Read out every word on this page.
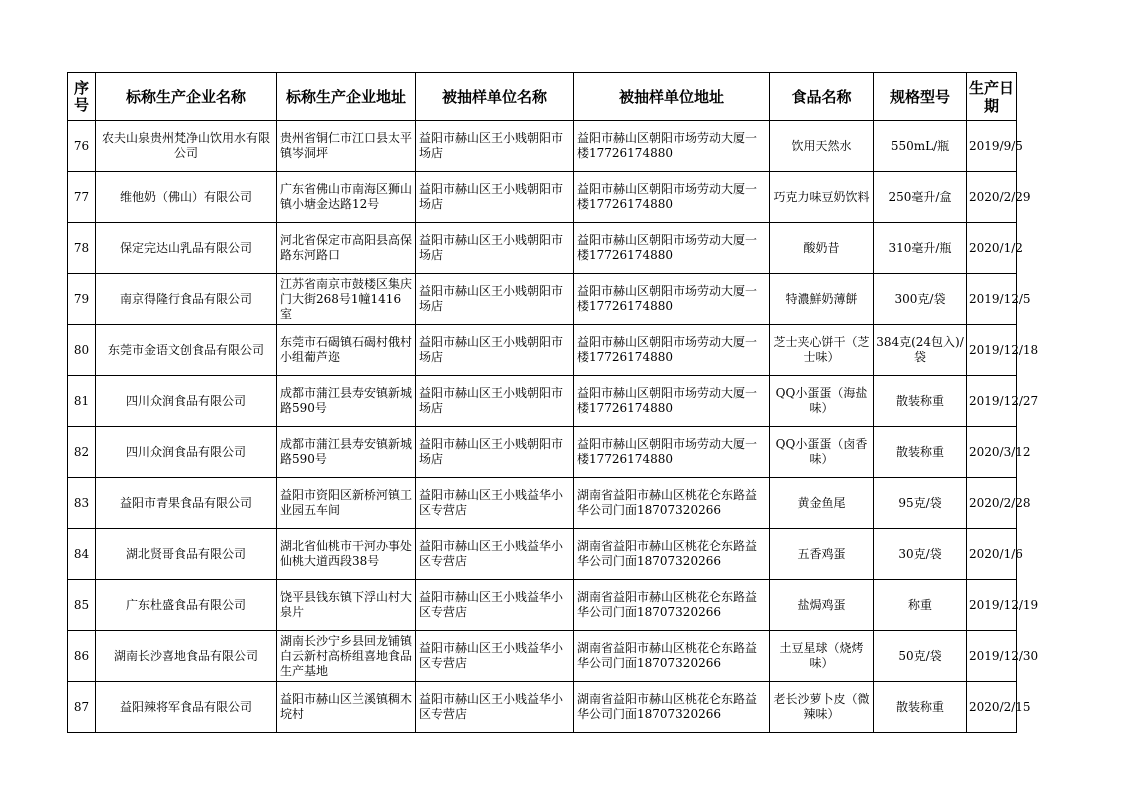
序号	标称生产企业名称	标称生产企业地址	被抽样单位名称	被抽样单位地址	食品名称	规格型号	生产日期
76	农夫山泉贵州梵净山饮用水有限公司	贵州省铜仁市江口县太平镇岑洞坪	益阳市赫山区王小贱朝阳市场店	益阳市赫山区朝阳市场劳动大厦一楼17726174880	饮用天然水	550mL/瓶	2019/9/5
77	维他奶（佛山）有限公司	广东省佛山市南海区狮山镇小塘金达路12号	益阳市赫山区王小贱朝阳市场店	益阳市赫山区朝阳市场劳动大厦一楼17726174880	巧克力味豆奶饮料	250毫升/盒	2020/2/29
78	保定完达山乳品有限公司	河北省保定市高阳县高保路东河路口	益阳市赫山区王小贱朝阳市场店	益阳市赫山区朝阳市场劳动大厦一楼17726174880	酸奶昔	310毫升/瓶	2020/1/2
79	南京得隆行食品有限公司	江苏省南京市鼓楼区集庆门大街268号1幢1416室	益阳市赫山区王小贱朝阳市场店	益阳市赫山区朝阳市场劳动大厦一楼17726174880	特濃鮮奶薄餅	300克/袋	2019/12/5
80	东莞市金语文创食品有限公司	东莞市石碣镇石碣村俄村小组葡芦迩	益阳市赫山区王小贱朝阳市场店	益阳市赫山区朝阳市场劳动大厦一楼17726174880	芝士夹心饼干（芝士味）	384克(24包入)/袋	2019/12/18
81	四川众润食品有限公司	成都市蒲江县寿安镇新城路590号	益阳市赫山区王小贱朝阳市场店	益阳市赫山区朝阳市场劳动大厦一楼17726174880	QQ小蛋蛋（海盐味）	散装称重	2019/12/27
82	四川众润食品有限公司	成都市蒲江县寿安镇新城路590号	益阳市赫山区王小贱朝阳市场店	益阳市赫山区朝阳市场劳动大厦一楼17726174880	QQ小蛋蛋（卤香味）	散装称重	2020/3/12
83	益阳市青果食品有限公司	益阳市资阳区新桥河镇工业园五车间	益阳市赫山区王小贱益华小区专营店	湖南省益阳市赫山区桃花仑东路益华公司门面18707320266	黄金鱼尾	95克/袋	2020/2/28
84	湖北贤哥食品有限公司	湖北省仙桃市干河办事处仙桃大道西段38号	益阳市赫山区王小贱益华小区专营店	湖南省益阳市赫山区桃花仑东路益华公司门面18707320266	五香鸡蛋	30克/袋	2020/1/6
85	广东杜盛食品有限公司	饶平县钱东镇下浮山村大泉片	益阳市赫山区王小贱益华小区专营店	湖南省益阳市赫山区桃花仑东路益华公司门面18707320266	盐焗鸡蛋	称重	2019/12/19
86	湖南长沙喜地食品有限公司	湖南长沙宁乡县回龙铺镇白云新村高桥组喜地食品生产基地	益阳市赫山区王小贱益华小区专营店	湖南省益阳市赫山区桃花仑东路益华公司门面18707320266	土豆星球（烧烤味）	50克/袋	2019/12/30
87	益阳辣将军食品有限公司	益阳市赫山区兰溪镇稠木垸村	益阳市赫山区王小贱益华小区专营店	湖南省益阳市赫山区桃花仑东路益华公司门面18707320266	老长沙萝卜皮（微辣味）	散装称重	2020/2/15
